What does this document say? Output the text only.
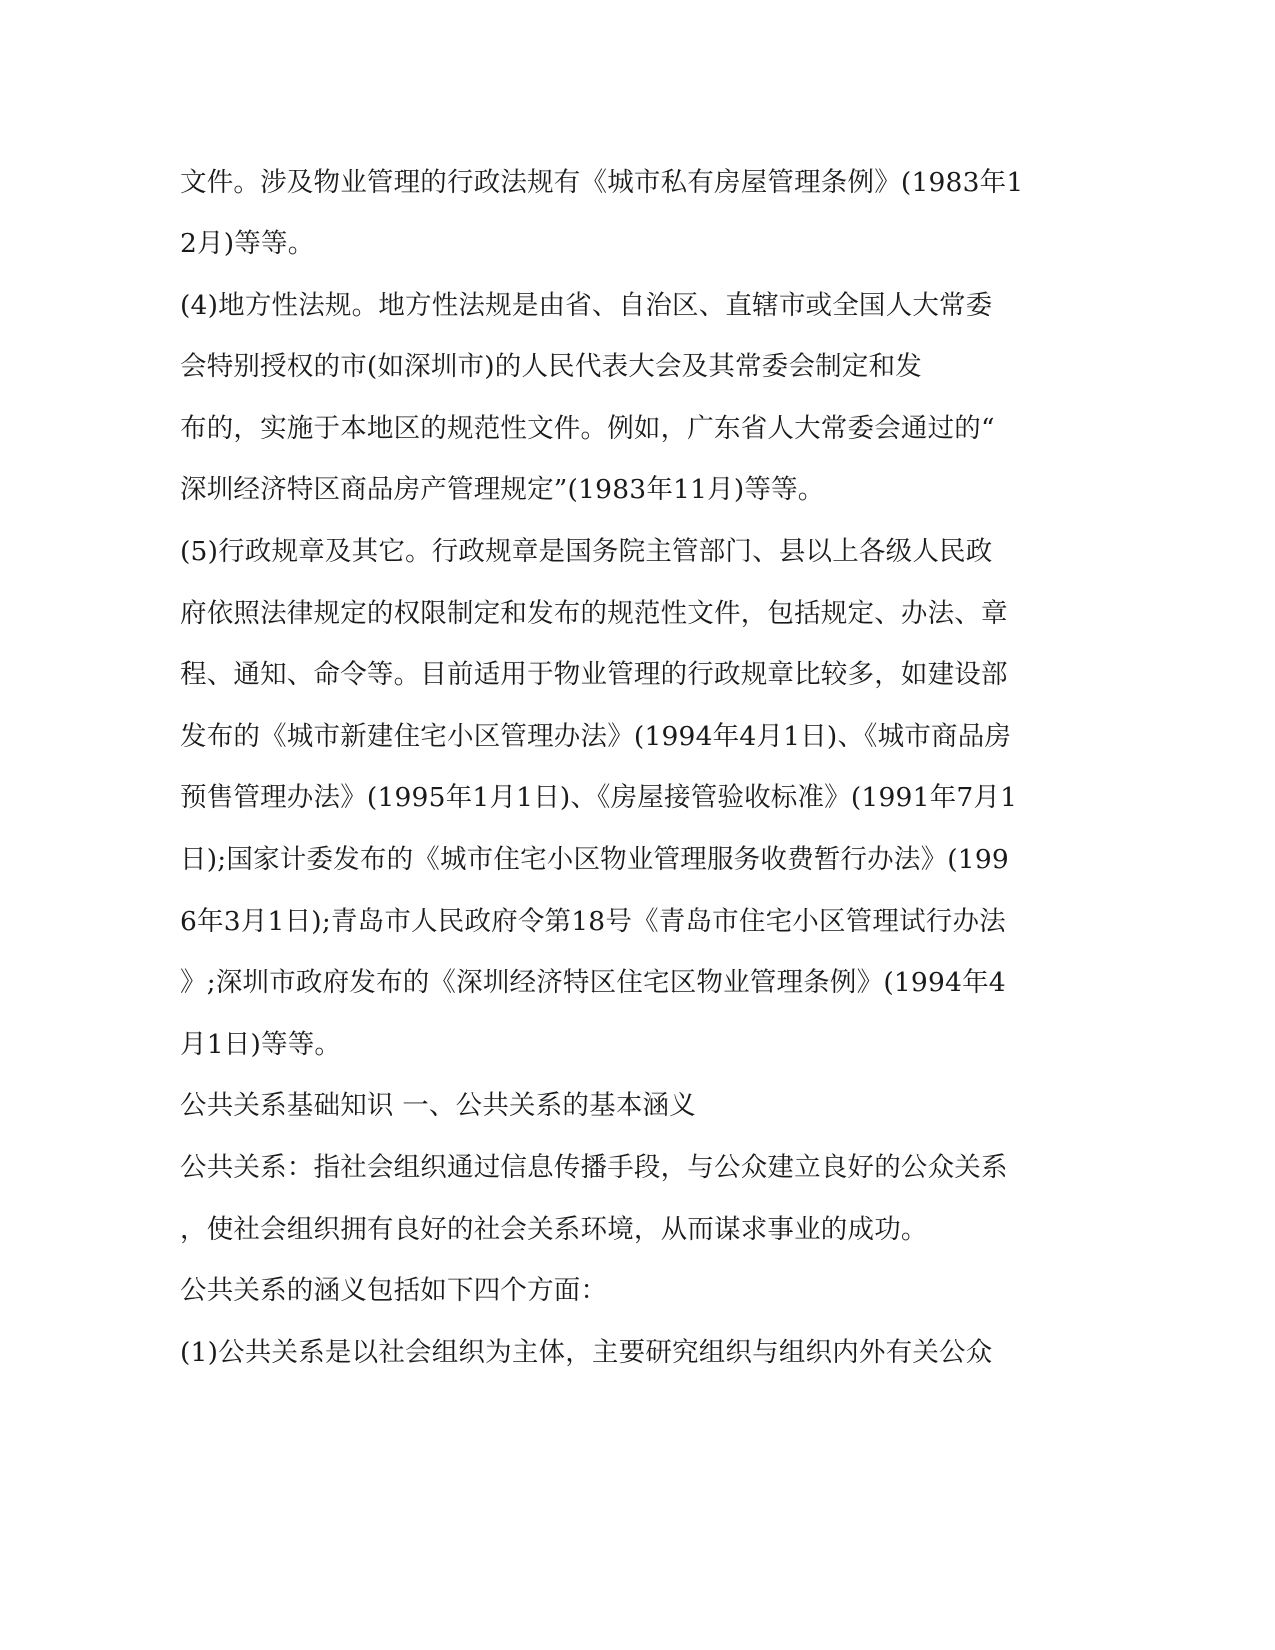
文件。涉及物业管理的行政法规有《城市私有房屋管理条例》(1983年1
2月)等等。
(4)地方性法规。地方性法规是由省、自治区、直辖市或全国人大常委
会特别授权的市(如深圳市)的人民代表大会及其常委会制定和发
布的，实施于本地区的规范性文件。例如，广东省人大常委会通过的“
深圳经济特区商品房产管理规定”(1983年11月)等等。
(5)行政规章及其它。行政规章是国务院主管部门、县以上各级人民政
府依照法律规定的权限制定和发布的规范性文件，包括规定、办法、章
程、通知、命令等。目前适用于物业管理的行政规章比较多，如建设部
发布的《城市新建住宅小区管理办法》(1994年4月1日)、《城市商品房
预售管理办法》(1995年1月1日)、《房屋接管验收标准》(1991年7月1
日);国家计委发布的《城市住宅小区物业管理服务收费暂行办法》(199
6年3月1日);青岛市人民政府令第18号《青岛市住宅小区管理试行办法
》;深圳市政府发布的《深圳经济特区住宅区物业管理条例》(1994年4
月1日)等等。
公共关系基础知识 一、公共关系的基本涵义
公共关系：指社会组织通过信息传播手段，与公众建立良好的公众关系
，使社会组织拥有良好的社会关系环境，从而谋求事业的成功。
公共关系的涵义包括如下四个方面：
(1)公共关系是以社会组织为主体，主要研究组织与组织内外有关公众
